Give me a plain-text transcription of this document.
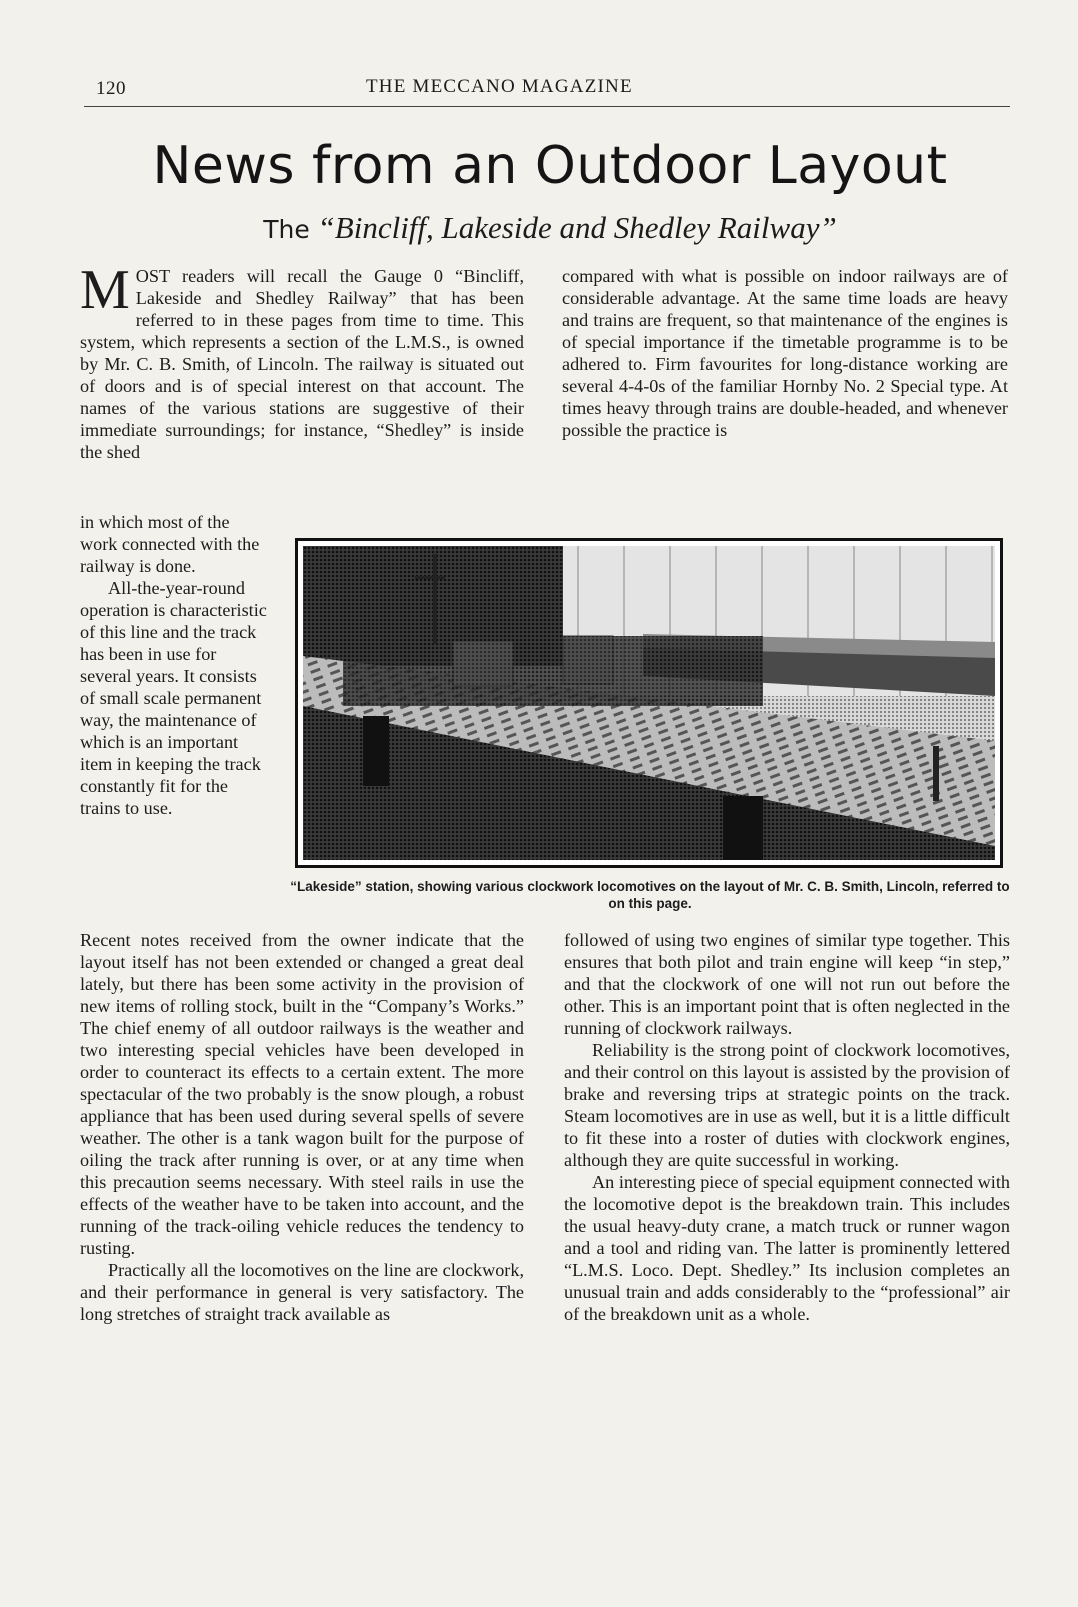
120	THE MECCANO MAGAZINE
News from an Outdoor Layout
The “Bincliff, Lakeside and Shedley Railway”

MOST readers will recall the Gauge 0 “Bincliff, Lakeside and Shedley Railway” that has been referred to in these pages from time to time. This system, which represents a section of the L.M.S., is owned by Mr. C. B. Smith, of Lincoln. The railway is situated out of doors and is of special interest on that account. The names of the various stations are suggestive of their immediate surroundings; for instance, “Shedley” is inside the shed

compared with what is possible on indoor railways are of considerable advantage. At the same time loads are heavy and trains are frequent, so that maintenance of the engines is of special importance if the timetable programme is to be adhered to. Firm favourites for long-distance working are several 4-4-0s of the familiar Hornby No. 2 Special type. At times heavy through trains are double-headed, and whenever possible the practice is

in which most of the work connected with the railway is done.

All-the-year-round operation is characteristic of this line and the track has been in use for several years. It consists of small scale permanent way, the maintenance of which is an important item in keeping the track constantly fit for the trains to use.

“Lakeside” station, showing various clockwork locomotives on the layout of Mr. C. B. Smith, Lincoln, referred to on this page.

Recent notes received from the owner indicate that the layout itself has not been extended or changed a great deal lately, but there has been some activity in the provision of new items of rolling stock, built in the “Company’s Works.” The chief enemy of all outdoor railways is the weather and two interesting special vehicles have been developed in order to counteract its effects to a certain extent. The more spectacular of the two probably is the snow plough, a robust appliance that has been used during several spells of severe weather. The other is a tank wagon built for the purpose of oiling the track after running is over, or at any time when this precaution seems necessary. With steel rails in use the effects of the weather have to be taken into account, and the running of the track-oiling vehicle reduces the tendency to rusting.

Practically all the locomotives on the line are clockwork, and their performance in general is very satisfactory. The long stretches of straight track available as

followed of using two engines of similar type together. This ensures that both pilot and train engine will keep “in step,” and that the clockwork of one will not run out before the other. This is an important point that is often neglected in the running of clockwork railways.

Reliability is the strong point of clockwork locomotives, and their control on this layout is assisted by the provision of brake and reversing trips at strategic points on the track. Steam locomotives are in use as well, but it is a little difficult to fit these into a roster of duties with clockwork engines, although they are quite successful in working.

An interesting piece of special equipment connected with the locomotive depot is the breakdown train. This includes the usual heavy-duty crane, a match truck or runner wagon and a tool and riding van. The latter is prominently lettered “L.M.S. Loco. Dept. Shedley.” Its inclusion completes an unusual train and adds considerably to the “professional” air of the breakdown unit as a whole.
